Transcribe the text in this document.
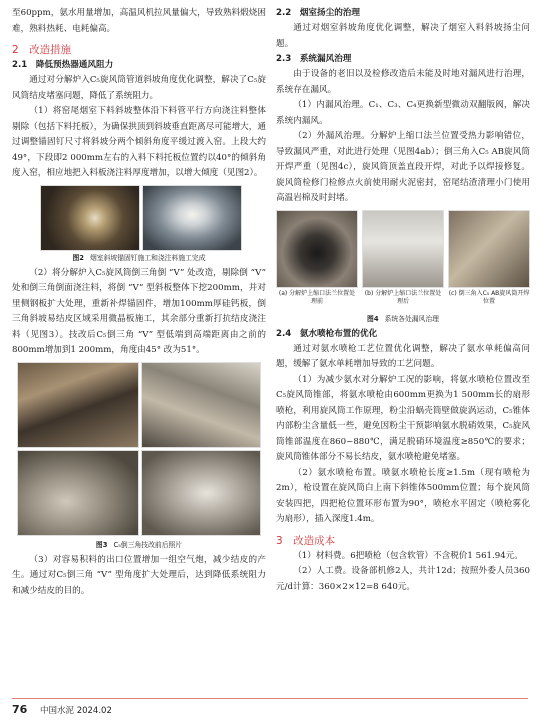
至60ppm，氨水用量增加，高温风机拉风量偏大，导致熟料煅烧困难，熟料热耗、电耗偏高。

2　改造措施
2.1　降低预热器通风阻力

通过对分解炉入C₅旋风筒管道斜坡角度优化调整，解决了C₅旋风筒结皮堵塞问题，降低了系统阻力。

（1）将窑尾烟室下料斜坡整体沿下料管平行方向浇注料整体剔除（包括下料托板），为确保拱顶到斜坡垂直距离尽可能增大，通过调整锚固钉尺寸将斜坡分两个倾斜角度平缓过渡入窑。上段大约49°，下段即2 000mm左右的入料下料托板位置约以40°的倾斜角度入窑，相应地把入料板浇注料厚度增加，以增大倾度（见图2）。

图2 烟室斜坡锚固钉施工和浇注料施工完成

（2）将分解炉入C₅旋风筒倒三角倒 “V” 处改造，剔除倒 “V” 处和倒三角倒面浇注料，将倒 “V” 型斜板整体下挖200mm，并对里侧钢板扩大处理，重新补焊锚固件，增加100mm厚硅钙板，倒三角斜坡易结皮区域采用微晶板施工，其余部分重新打抗结皮浇注料（见图3）。技改后C₅倒三角 “V” 型低端到高端距离由之前的800mm增加到1 200mm，角度由45° 改为51°。

图3 C₅倒三角技改前后照片

（3）对容易积料的出口位置增加一组空气炮，减少结皮的产生。通过对C₅倒三角 “V” 型角度扩大处理后，达到降低系统阻力和减少结皮的目的。

2.2　烟室扬尘的治理

通过对烟室斜坡角度优化调整，解决了烟室入料斜坡扬尘问题。

2.3　系统漏风治理

由于设备的老旧以及检修改造后未能及时地对漏风进行治理，系统存在漏风。

（1）内漏风治理。C₁、C₃、C₄更换新型微动双翻版阀，解决系统内漏风。

（2）外漏风治理。分解炉上缩口法兰位置受热力影响错位，导致漏风严重，对此进行处理（见图4ab）；倒三角入C₅ AB旋风筒开焊严重（见图4c），旋风筒顶盖直段开焊，对此予以焊接修复。旋风筒检修门检修点火前使用耐火泥密封，窑尾结渣清理小门使用高温岩棉及时封堵。

(a) 分解炉上缩口法兰位置处理前
(b) 分解炉上缩口法兰位置处理后
(c) 倒三角入C₅ AB旋风筒开焊位置
图4 系统各处漏风治理
2.4　氨水喷枪布置的优化

通过对氨水喷枪工艺位置优化调整，解决了氨水单耗偏高问题，缓解了氨水单耗增加导致的工艺问题。

（1）为减少氨水对分解炉工况的影响，将氨水喷枪位置改至C₅旋风筒锥部，将氨水喷枪由600mm更换为1 500mm长的扇形喷枪，利用旋风筒工作原理，粉尘沿蜗壳筒壁做旋涡运动，C₅锥体内部粉尘含量低一些，避免因粉尘干预影响氨水脱硝效果，C₅旋风筒锥部温度在860~880℃，满足脱硝环境温度≥850℃的要求；旋风筒锥体部分不易长结皮，氨水喷枪避免堵塞。

（2）氨水喷枪布置。喷氨水喷枪长度≥1.5m（现有喷枪为2m），枪设置在旋风筒白上南下斜锥体500mm位置；每个旋风筒安装四把，四把枪位置环形布置为90°，喷枪水平固定（喷枪雾化为扇形），插入深度1.4m。

3　改造成本

（1）材料费。6把喷枪（包含软管）不含税价1 561.94元。

（2）人工费。设备部机修2人，共计12d；按照外委人员360元/d计算：360×2×12=8 640元。

76 中国水泥 2024.02
